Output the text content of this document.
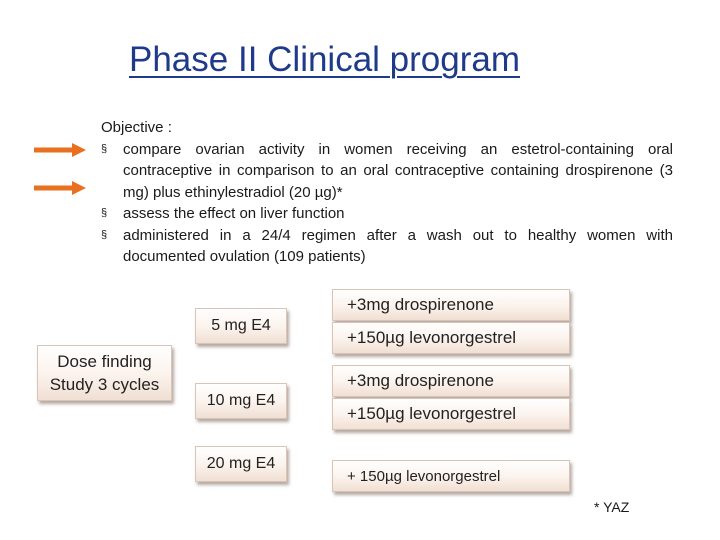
Phase II Clinical program

Objective :

§ compare ovarian activity in women receiving an estetrol-containing oral contraceptive in comparison to an oral contraceptive containing drospirenone (3 mg) plus ethinylestradiol (20 µg)*
§ assess the effect on liver function
§ administered in a 24/4 regimen after a wash out to healthy women with documented ovulation (109 patients)
Dose finding
Study 3 cycles
5 mg E4
10 mg E4
20 mg E4
+3mg drospirenone
+150µg levonorgestrel
+3mg drospirenone
+150µg levonorgestrel
+ 150µg levonorgestrel
* YAZ
